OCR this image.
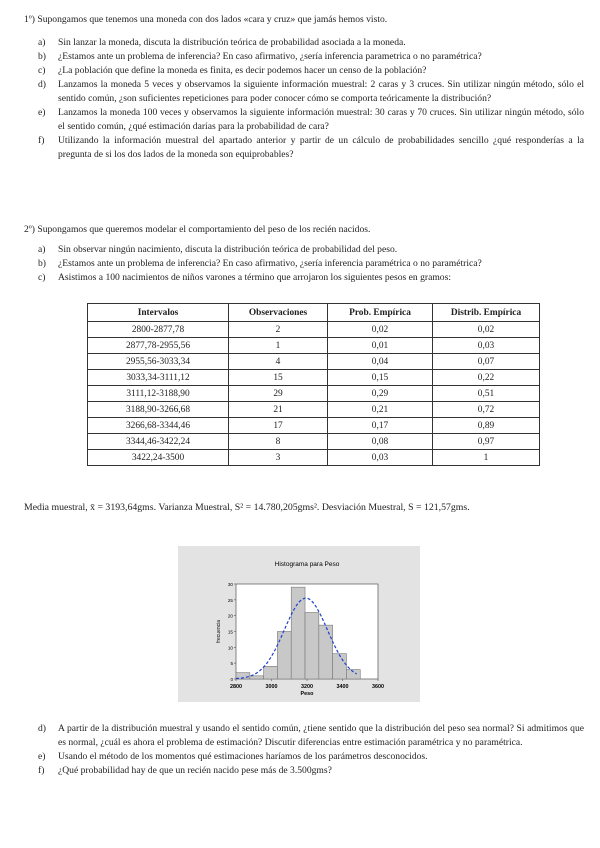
1º) Supongamos que tenemos una moneda con dos lados «cara y cruz» que jamás hemos visto.
a) Sin lanzar la moneda, discuta la distribución teórica de probabilidad asociada a la moneda.
b) ¿Estamos ante un problema de inferencia? En caso afirmativo, ¿sería inferencia parametrica o no paramétrica?
c) ¿La población que define la moneda es finita, es decir podemos hacer un censo de la población?
d) Lanzamos la moneda 5 veces y observamos la siguiente información muestral: 2 caras y 3 cruces. Sin utilizar ningún método, sólo el sentido común, ¿son suficientes repeticiones para poder conocer cómo se comporta teóricamente la distribución?
e) Lanzamos la moneda 100 veces y observamos la siguiente información muestral: 30 caras y 70 cruces. Sin utilizar ningún método, sólo el sentido común, ¿qué estimación darías para la probabilidad de cara?
f) Utilizando la información muestral del apartado anterior y partir de un cálculo de probabilidades sencillo ¿qué responderías a la pregunta de si los dos lados de la moneda son equiprobables?
2º) Supongamos que queremos modelar el comportamiento del peso de los recién nacidos.
a) Sin observar ningún nacimiento, discuta la distribución teórica de probabilidad del peso.
b) ¿Estamos ante un problema de inferencia? En caso afirmativo, ¿sería inferencia paramétrica o no paramétrica?
c) Asistimos a 100 nacimientos de niños varones a término que arrojaron los siguientes pesos en gramos:
Intervalos	Observaciones	Prob. Empírica	Distrib. Empírica
2800-2877,78	2	0,02	0,02
2877,78-2955,56	1	0,01	0,03
2955,56-3033,34	4	0,04	0,07
3033,34-3111,12	15	0,15	0,22
3111,12-3188,90	29	0,29	0,51
3188,90-3266,68	21	0,21	0,72
3266,68-3344,46	17	0,17	0,89
3344,46-3422,24	8	0,08	0,97
3422,24-3500	3	0,03	1
Media muestral, x̄ = 3193,64gms. Varianza Muestral, S² = 14.780,205gms². Desviación Muestral, S = 121,57gms.
Histograma para Peso
0
5
10
15
20
25
30
2800	3000	3200	3400	3600
Peso
frecuencia
d) A partir de la distribución muestral y usando el sentido común, ¿tiene sentido que la distribución del peso sea normal? Si admitimos que es normal, ¿cuál es ahora el problema de estimación? Discutir diferencias entre estimación paramétrica y no paramétrica.
e) Usando el método de los momentos qué estimaciones haríamos de los parámetros desconocidos.
f) ¿Qué probabilidad hay de que un recién nacido pese más de 3.500gms?
